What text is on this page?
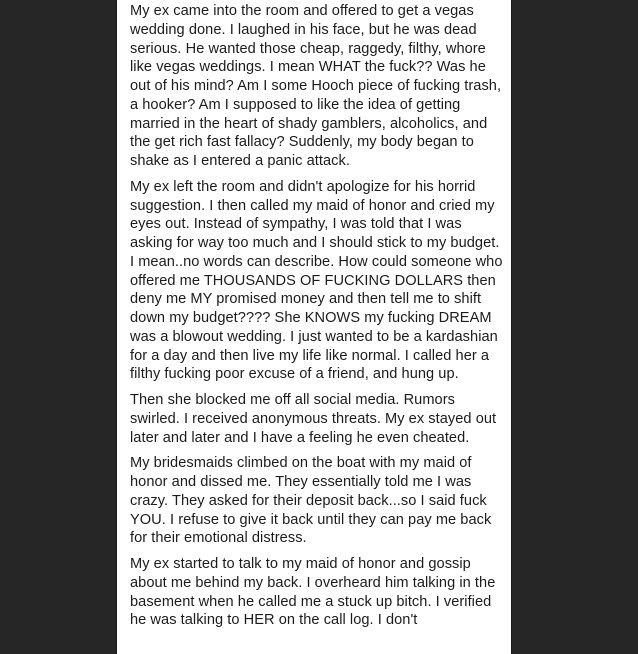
My ex came into the room and offered to get a vegas wedding done. I laughed in his face, but he was dead serious. He wanted those cheap, raggedy, filthy, whore like vegas weddings. I mean WHAT the fuck?? Was he out of his mind? Am I some Hooch piece of fucking trash, a hooker? Am I supposed to like the idea of getting married in the heart of shady gamblers, alcoholics, and the get rich fast fallacy? Suddenly, my body began to shake as I entered a panic attack.

My ex left the room and didn't apologize for his horrid suggestion. I then called my maid of honor and cried my eyes out. Instead of sympathy, I was told that I was asking for way too much and I should stick to my budget. I mean..no words can describe. How could someone who offered me THOUSANDS OF FUCKING DOLLARS then deny me MY promised money and then tell me to shift down my budget???? She KNOWS my fucking DREAM was a blowout wedding. I just wanted to be a kardashian for a day and then live my life like normal. I called her a filthy fucking poor excuse of a friend, and hung up.

Then she blocked me off all social media. Rumors swirled. I received anonymous threats. My ex stayed out later and later and I have a feeling he even cheated.

My bridesmaids climbed on the boat with my maid of honor and dissed me. They essentially told me I was crazy. They asked for their deposit back...so I said fuck YOU. I refuse to give it back until they can pay me back for their emotional distress.

My ex started to talk to my maid of honor and gossip about me behind my back. I overheard him talking in the basement when he called me a stuck up bitch. I verified he was talking to HER on the call log. I don't
